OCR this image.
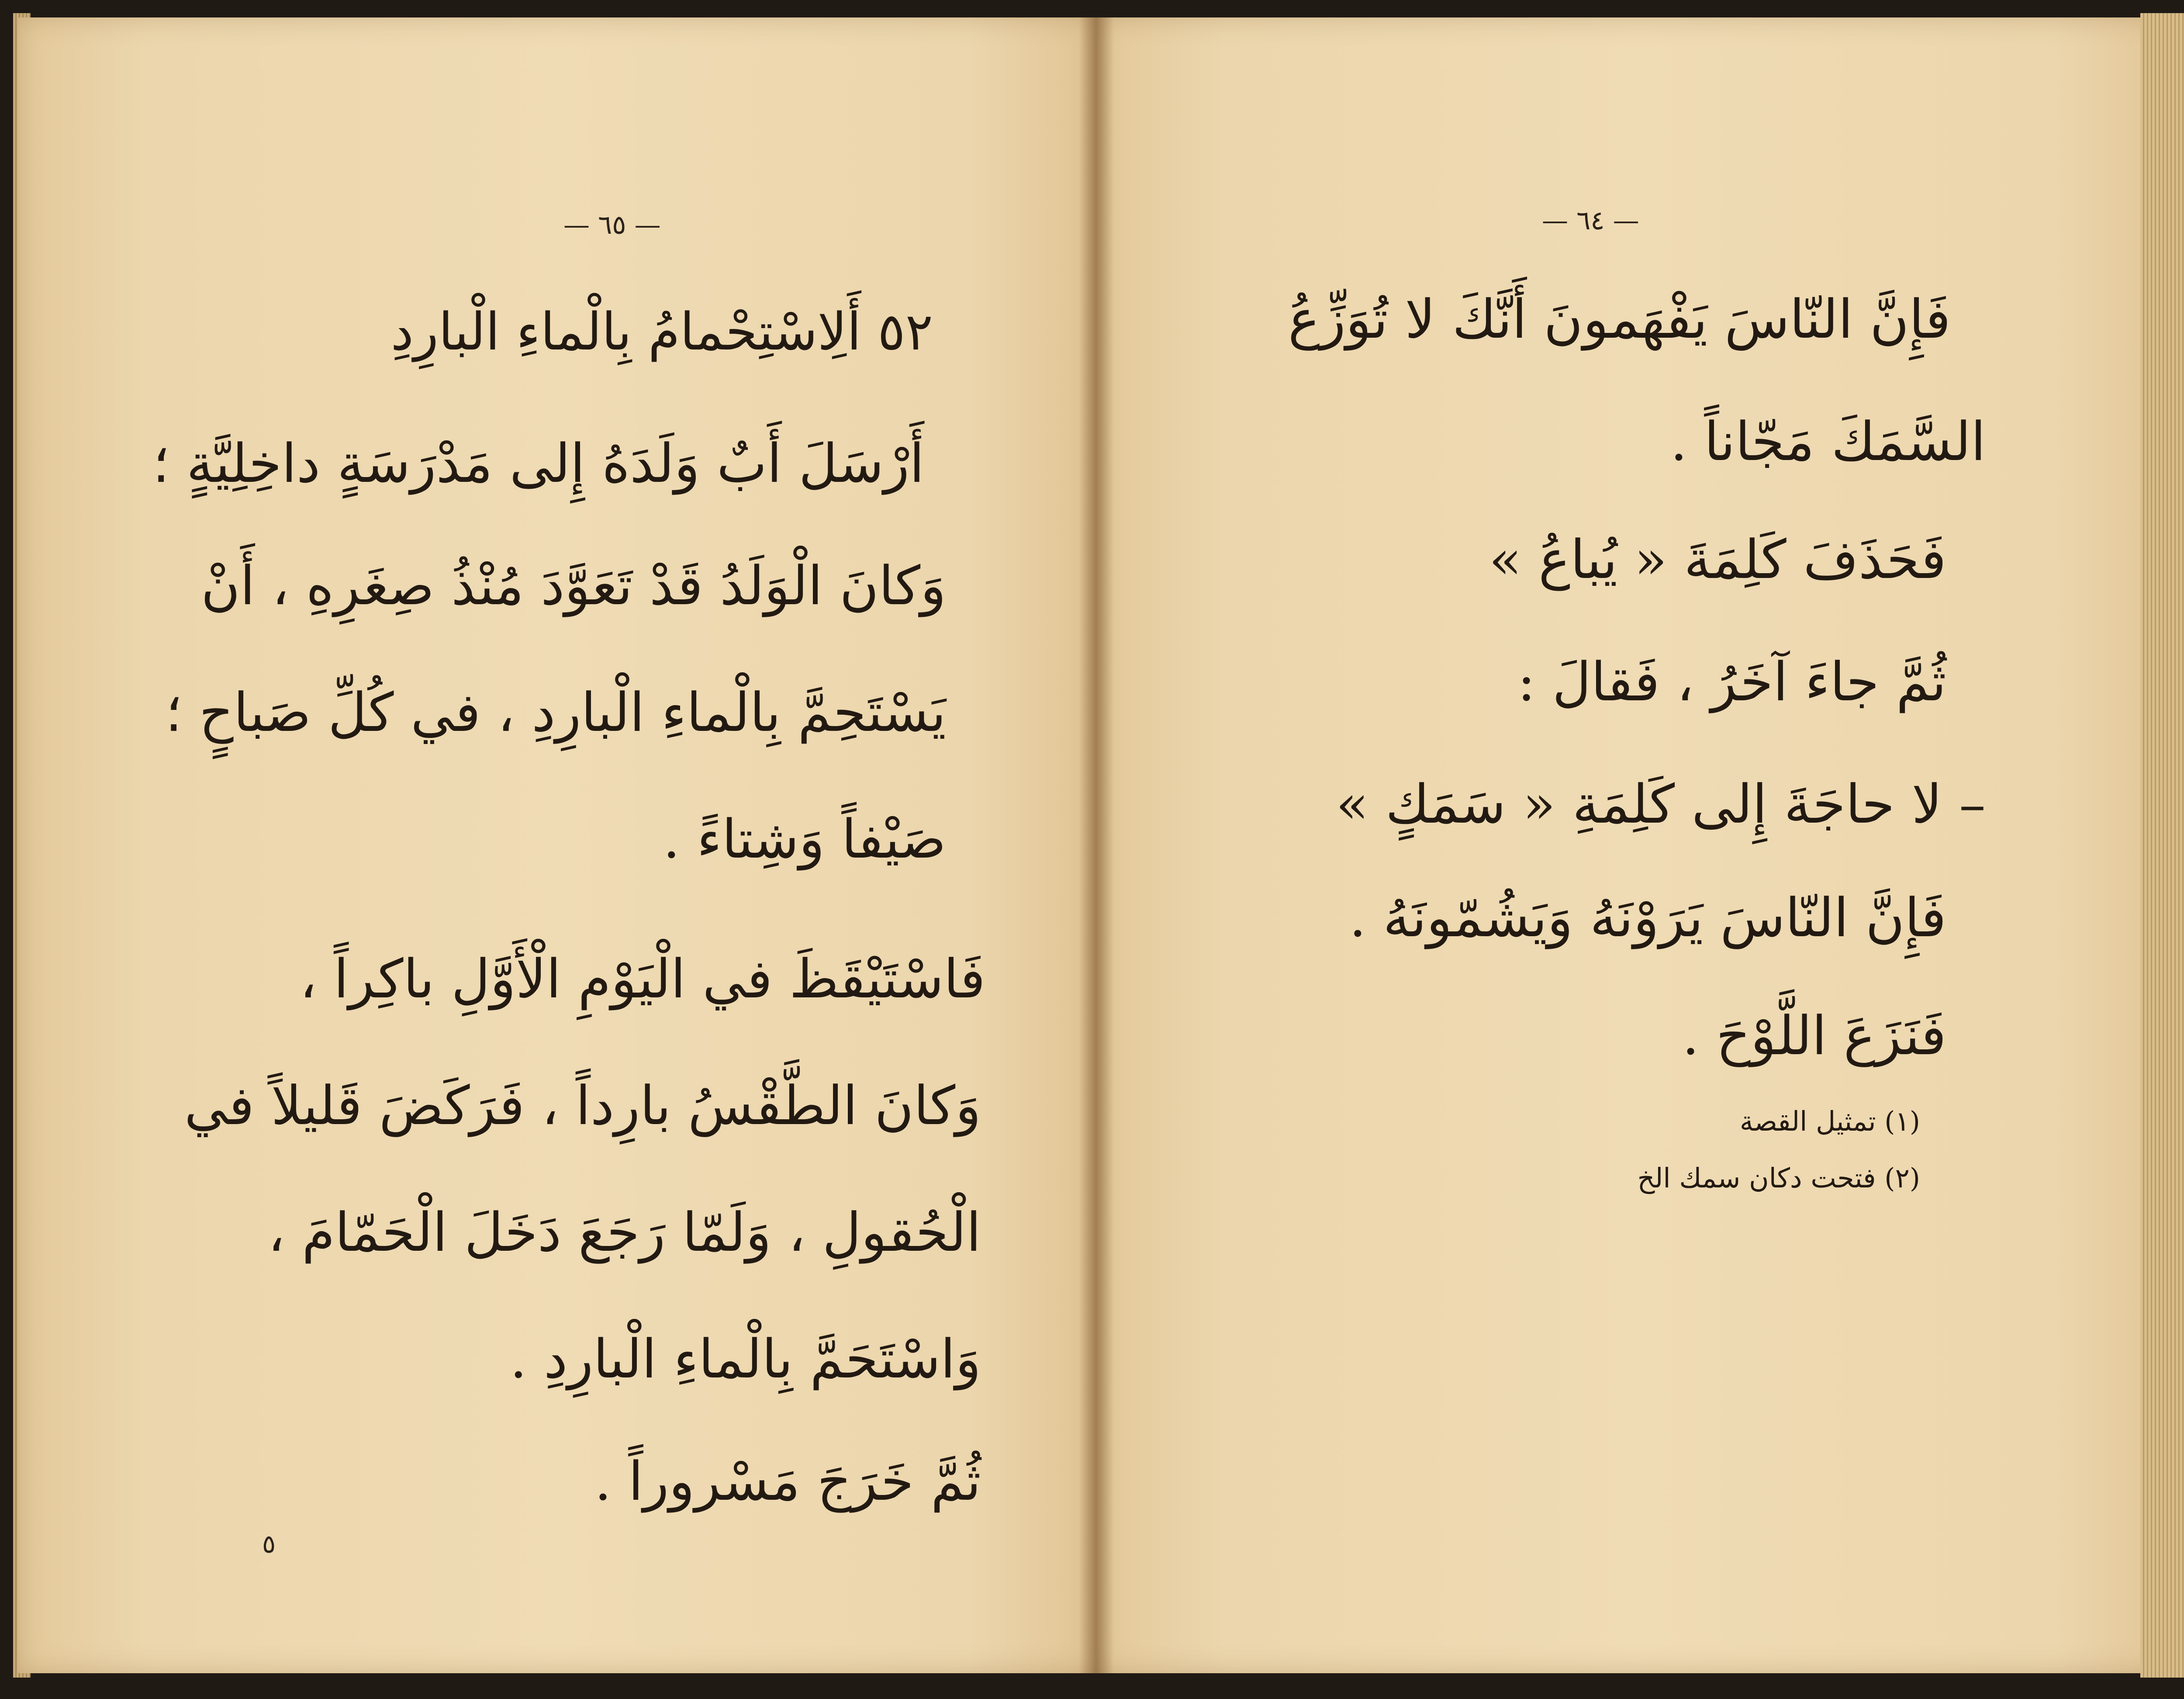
— ٦٥ —
٥٢ أَلِاسْتِحْمامُ بِالْماءِ الْبارِدِ
أَرْسَلَ أَبٌ وَلَدَهُ إِلى مَدْرَسَةٍ داخِلِيَّةٍ ؛
وَكانَ الْوَلَدُ قَدْ تَعَوَّدَ مُنْذُ صِغَرِهِ ، أَنْ
يَسْتَحِمَّ بِالْماءِ الْبارِدِ ، في كُلِّ صَباحٍ ؛
صَيْفاً وَشِتاءً .
فَاسْتَيْقَظَ في الْيَوْمِ الْأَوَّلِ باكِراً ،
وَكانَ الطَّقْسُ بارِداً ، فَرَكَضَ قَليلاً في
الْحُقولِ ، وَلَمّا رَجَعَ دَخَلَ الْحَمّامَ ،
وَاسْتَحَمَّ بِالْماءِ الْبارِدِ .
ثُمَّ خَرَجَ مَسْروراً .
٥
— ٦٤ —
فَإِنَّ النّاسَ يَفْهَمونَ أَنَّكَ لا تُوَزِّعُ
السَّمَكَ مَجّاناً .
فَحَذَفَ كَلِمَةَ « يُباعُ »
ثُمَّ جاءَ آخَرُ ، فَقالَ :
– لا حاجَةَ إِلى كَلِمَةِ « سَمَكٍ »
فَإِنَّ النّاسَ يَرَوْنَهُ وَيَشُمّونَهُ .
فَنَزَعَ اللَّوْحَ .
(١) تمثيل القصة
(٢) فتحت دكان سمك الخ
